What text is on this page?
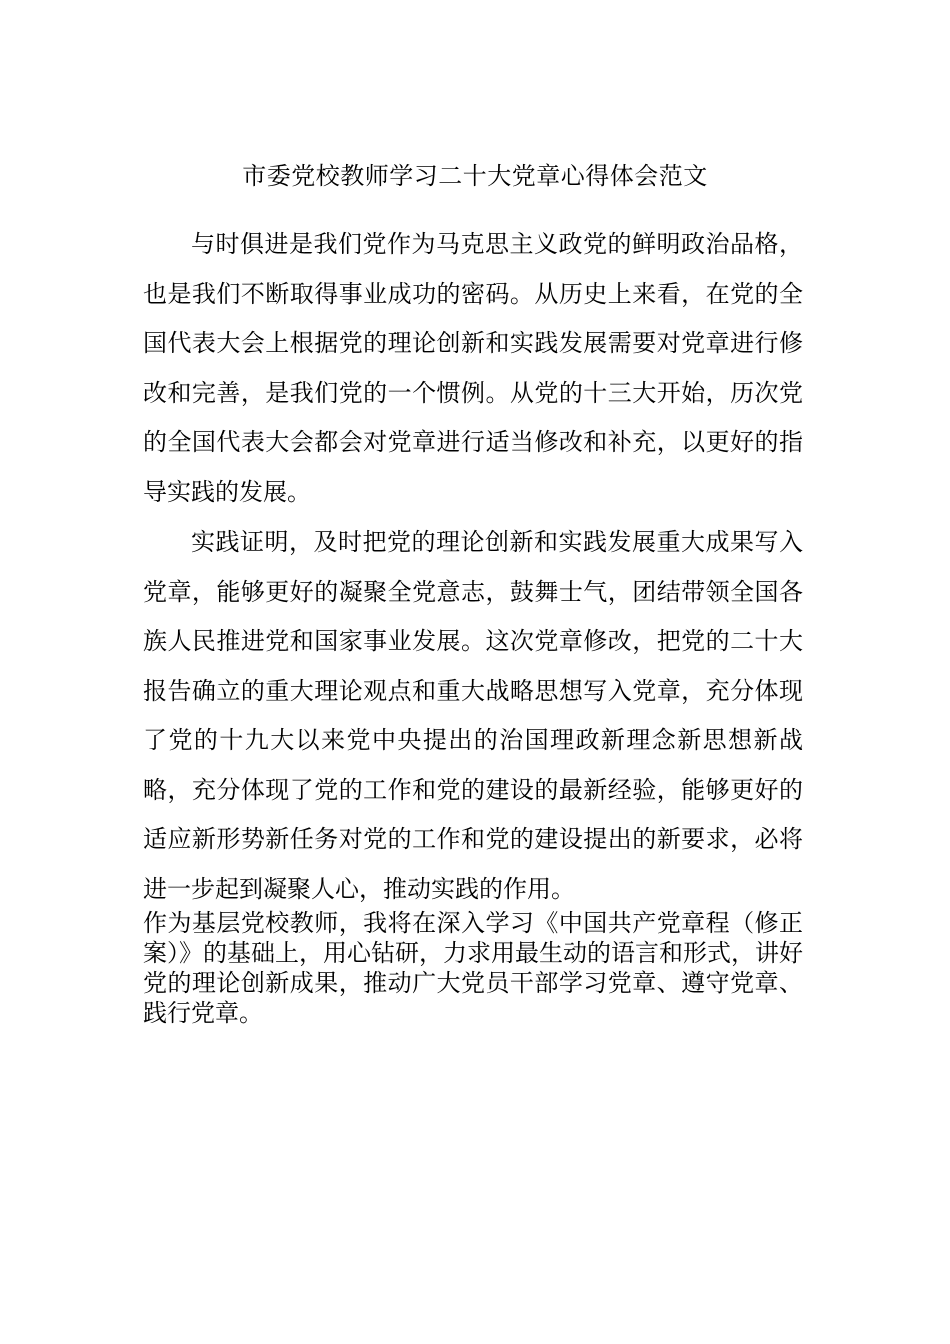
市委党校教师学习二十大党章心得体会范文

与时俱进是我们党作为马克思主义政党的鲜明政治品格，也是我们不断取得事业成功的密码。从历史上来看，在党的全国代表大会上根据党的理论创新和实践发展需要对党章进行修改和完善，是我们党的一个惯例。从党的十三大开始，历次党的全国代表大会都会对党章进行适当修改和补充，以更好的指导实践的发展。

实践证明，及时把党的理论创新和实践发展重大成果写入党章，能够更好的凝聚全党意志，鼓舞士气，团结带领全国各族人民推进党和国家事业发展。这次党章修改，把党的二十大报告确立的重大理论观点和重大战略思想写入党章，充分体现了党的十九大以来党中央提出的治国理政新理念新思想新战略，充分体现了党的工作和党的建设的最新经验，能够更好的适应新形势新任务对党的工作和党的建设提出的新要求，必将进一步起到凝聚人心，推动实践的作用。

作为基层党校教师，我将在深入学习《中国共产党章程（修正案）》的基础上，用心钻研，力求用最生动的语言和形式，讲好党的理论创新成果，推动广大党员干部学习党章、遵守党章、践行党章。
